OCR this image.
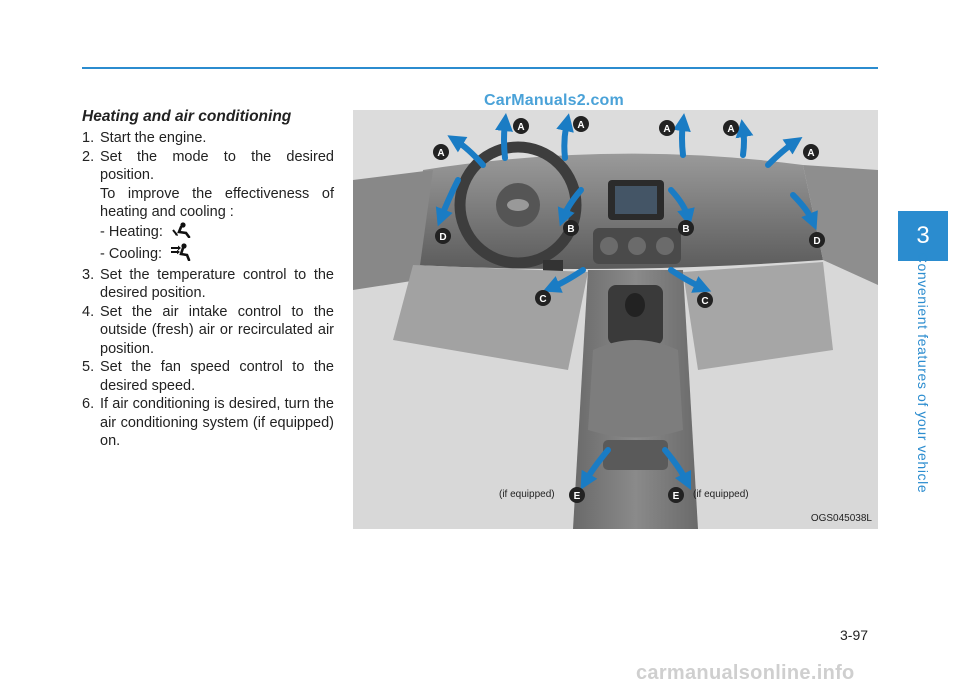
CarManuals2.com
Heating and air conditioning
1. Start the engine.
2. Set the mode to the desired position.

To improve the effectiveness of heating and cooling :

- Heating:
- Cooling:
3. Set the temperature control to the desired position.
4. Set the air intake control to the outside (fresh) air or recirculated air position.
5. Set the fan speed control to the desired speed.
6. If air conditioning is desired, turn the air conditioning system (if equipped) on.
A
A	A	A	A
A
B	B
C	C
D	D
E	E
(if equipped)	(if equipped)
OGS045038L
3
Convenient features of your vehicle
3-97
carmanualsonline.info
